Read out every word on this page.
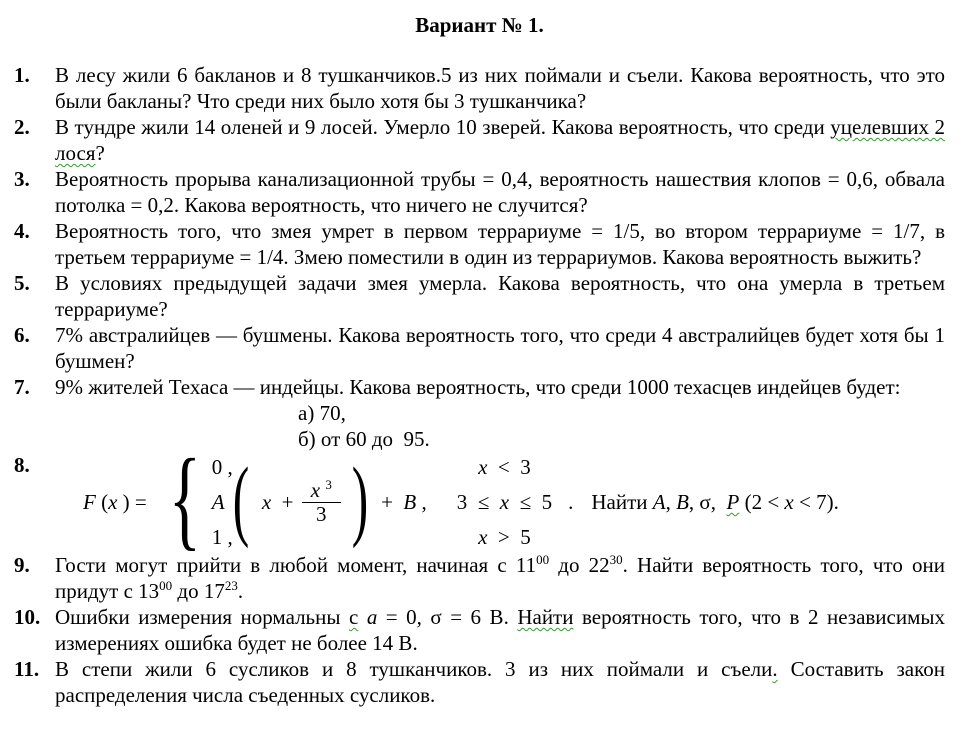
Вариант № 1.
1.	В лесу жили 6 бакланов и 8 тушканчиков.5 из них поймали и съели. Какова вероятность, что это были бакланы? Что среди них было хотя бы 3 тушканчика?
2.	В тундре жили 14 оленей и 9 лосей. Умерло 10 зверей. Какова вероятность, что среди уцелевших 2 лося?
3.	Вероятность прорыва канализационной трубы = 0,4, вероятность нашествия клопов = 0,6, обвала потолка = 0,2. Какова вероятность, что ничего не случится?
4.	Вероятность того, что змея умрет в первом террариуме = 1/5, во втором террариуме = 1/7, в третьем террариуме = 1/4. Змею поместили в один из террариумов. Какова вероятность выжить?
5.	В условиях предыдущей задачи змея умерла. Какова вероятность, что она умерла в третьем террариуме?
6.	7% австралийцев — бушмены. Какова вероятность того, что среди 4 австралийцев будет хотя бы 1 бушмен?
7.	9% жителей Техаса — индейцы. Какова вероятность, что среди 1000 техасцев индейцев будет:
а) 70,
б) от 60 до  95.
8.
F (x ) = { 0 ,	x  <  3
A ( $x + \frac{x ^3}{3}$ ) +  B , 3  ≤  x  ≤  5
1 ,	x  >  5
. Найти A, B, σ,  P (2 < x < 7).
9.	Гости могут прийти в любой момент, начиная с $11^{00}$ до $22^{30}$. Найти вероятность того, что они придут с $13^{00}$ до $17^{23}$.
10. Ошибки измерения нормальны с a = 0, σ = 6 В. Найти вероятность того, что в 2 независимых измерениях ошибка будет не более 14 В.
11. В степи жили 6 сусликов и 8 тушканчиков. 3 из них поймали и съели. Составить закон распределения числа съеденных сусликов.
